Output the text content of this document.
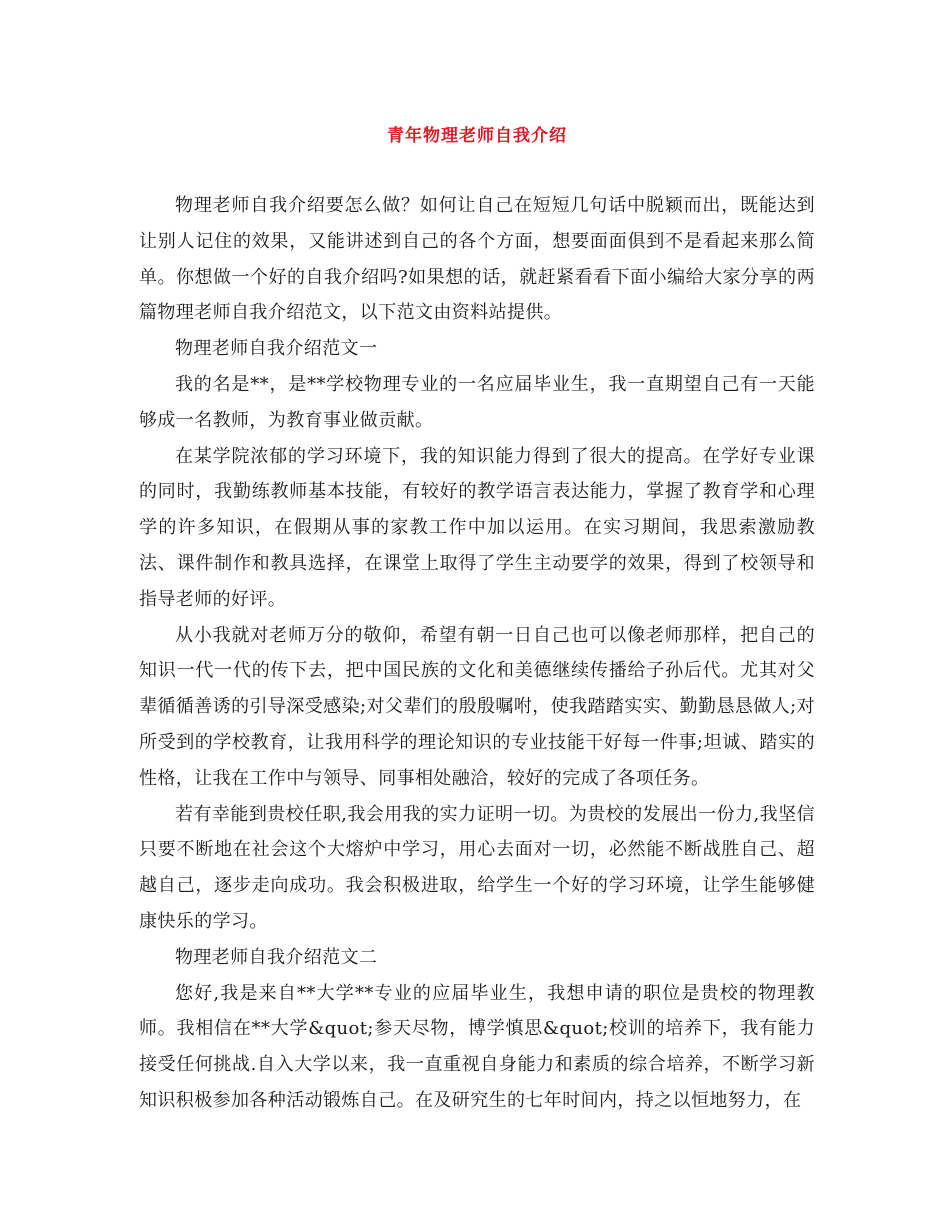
青年物理老师自我介绍

物理老师自我介绍要怎么做？如何让自己在短短几句话中脱颖而出，既能达到让别人记住的效果，又能讲述到自己的各个方面，想要面面俱到不是看起来那么简单。你想做一个好的自我介绍吗?如果想的话，就赶紧看看下面小编给大家分享的两篇物理老师自我介绍范文，以下范文由资料站提供。

物理老师自我介绍范文一

我的名是**，是**学校物理专业的一名应届毕业生，我一直期望自己有一天能够成一名教师，为教育事业做贡献。

在某学院浓郁的学习环境下，我的知识能力得到了很大的提高。在学好专业课的同时，我勤练教师基本技能，有较好的教学语言表达能力，掌握了教育学和心理学的许多知识，在假期从事的家教工作中加以运用。在实习期间，我思索激励教法、课件制作和教具选择，在课堂上取得了学生主动要学的效果，得到了校领导和指导老师的好评。

从小我就对老师万分的敬仰，希望有朝一日自己也可以像老师那样，把自己的知识一代一代的传下去，把中国民族的文化和美德继续传播给子孙后代。尤其对父辈循循善诱的引导深受感染;对父辈们的殷殷嘱咐，使我踏踏实实、勤勤恳恳做人;对所受到的学校教育，让我用科学的理论知识的专业技能干好每一件事;坦诚、踏实的性格，让我在工作中与领导、同事相处融洽，较好的完成了各项任务。

若有幸能到贵校任职,我会用我的实力证明一切。为贵校的发展出一份力,我坚信只要不断地在社会这个大熔炉中学习，用心去面对一切，必然能不断战胜自己、超越自己，逐步走向成功。我会积极进取，给学生一个好的学习环境，让学生能够健康快乐的学习。

物理老师自我介绍范文二

您好,我是来自**大学**专业的应届毕业生，我想申请的职位是贵校的物理教师。我相信在**大学&quot;参天尽物，博学慎思&quot;校训的培养下，我有能力接受任何挑战.自入大学以来，我一直重视自身能力和素质的综合培养，不断学习新知识积极参加各种活动锻炼自己。在及研究生的七年时间内，持之以恒地努力，在
